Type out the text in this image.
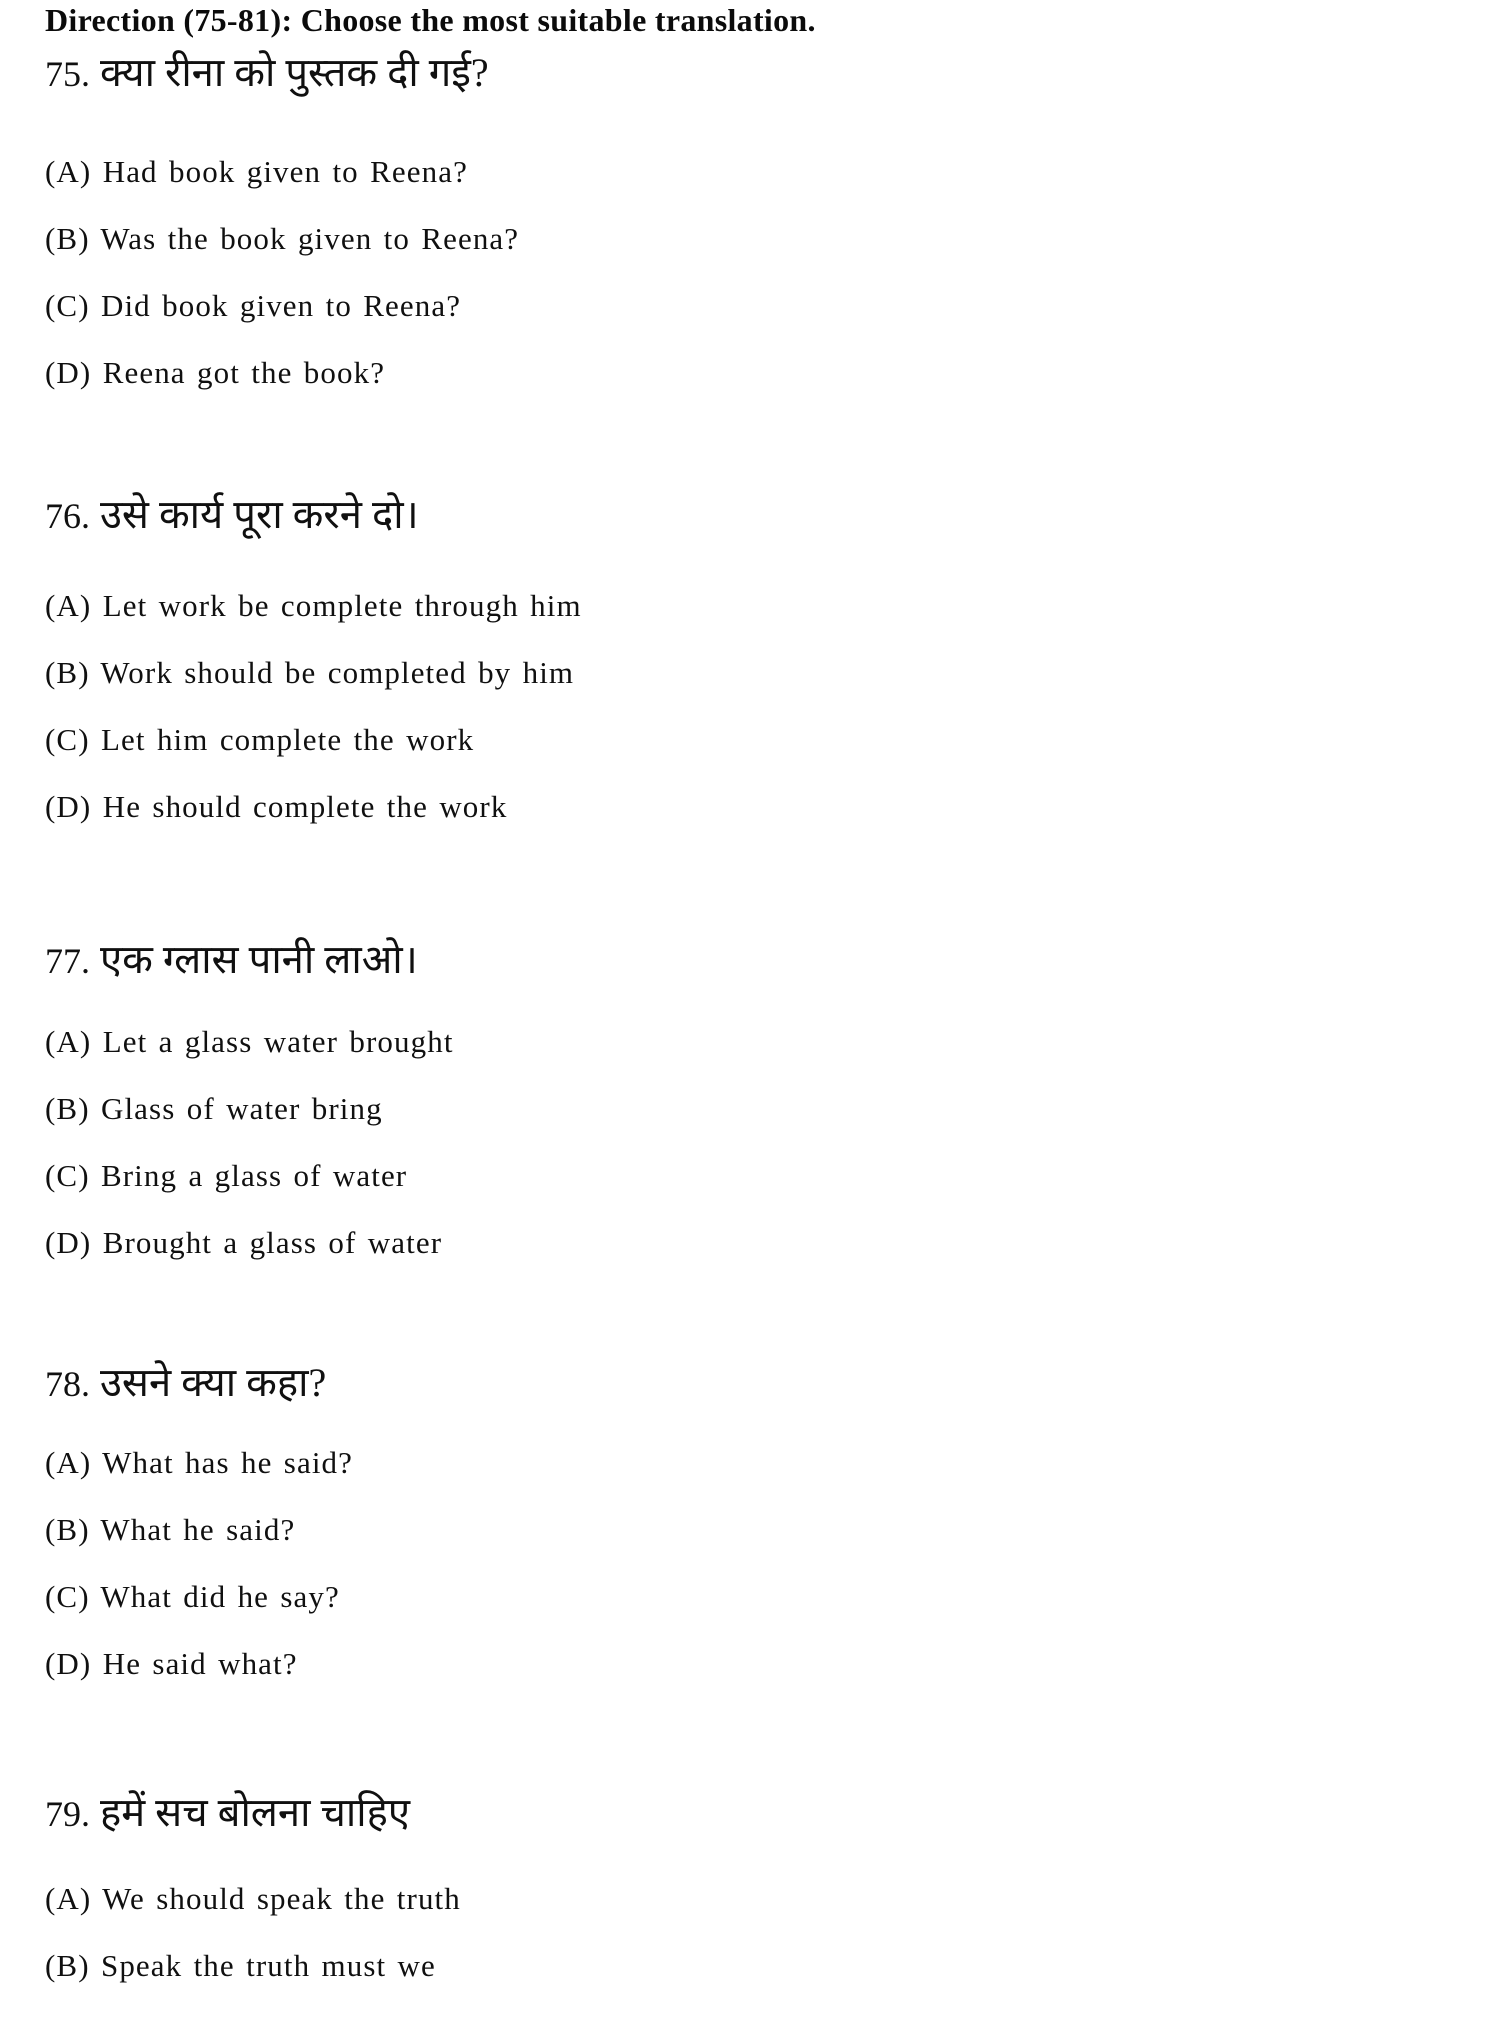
Direction (75-81): Choose the most suitable translation.
75. क्या रीना को पुस्तक दी गई?
(A) Had book given to Reena?
(B) Was the book given to Reena?
(C) Did book given to Reena?
(D) Reena got the book?
76. उसे कार्य पूरा करने दो।
(A) Let work be complete through him
(B) Work should be completed by him
(C) Let him complete the work
(D) He should complete the work
77. एक ग्लास पानी लाओ।
(A) Let a glass water brought
(B) Glass of water bring
(C) Bring a glass of water
(D) Brought a glass of water
78. उसने क्या कहा?
(A) What has he said?
(B) What he said?
(C) What did he say?
(D) He said what?
79. हमें सच बोलना चाहिए
(A) We should speak the truth
(B) Speak the truth must we
